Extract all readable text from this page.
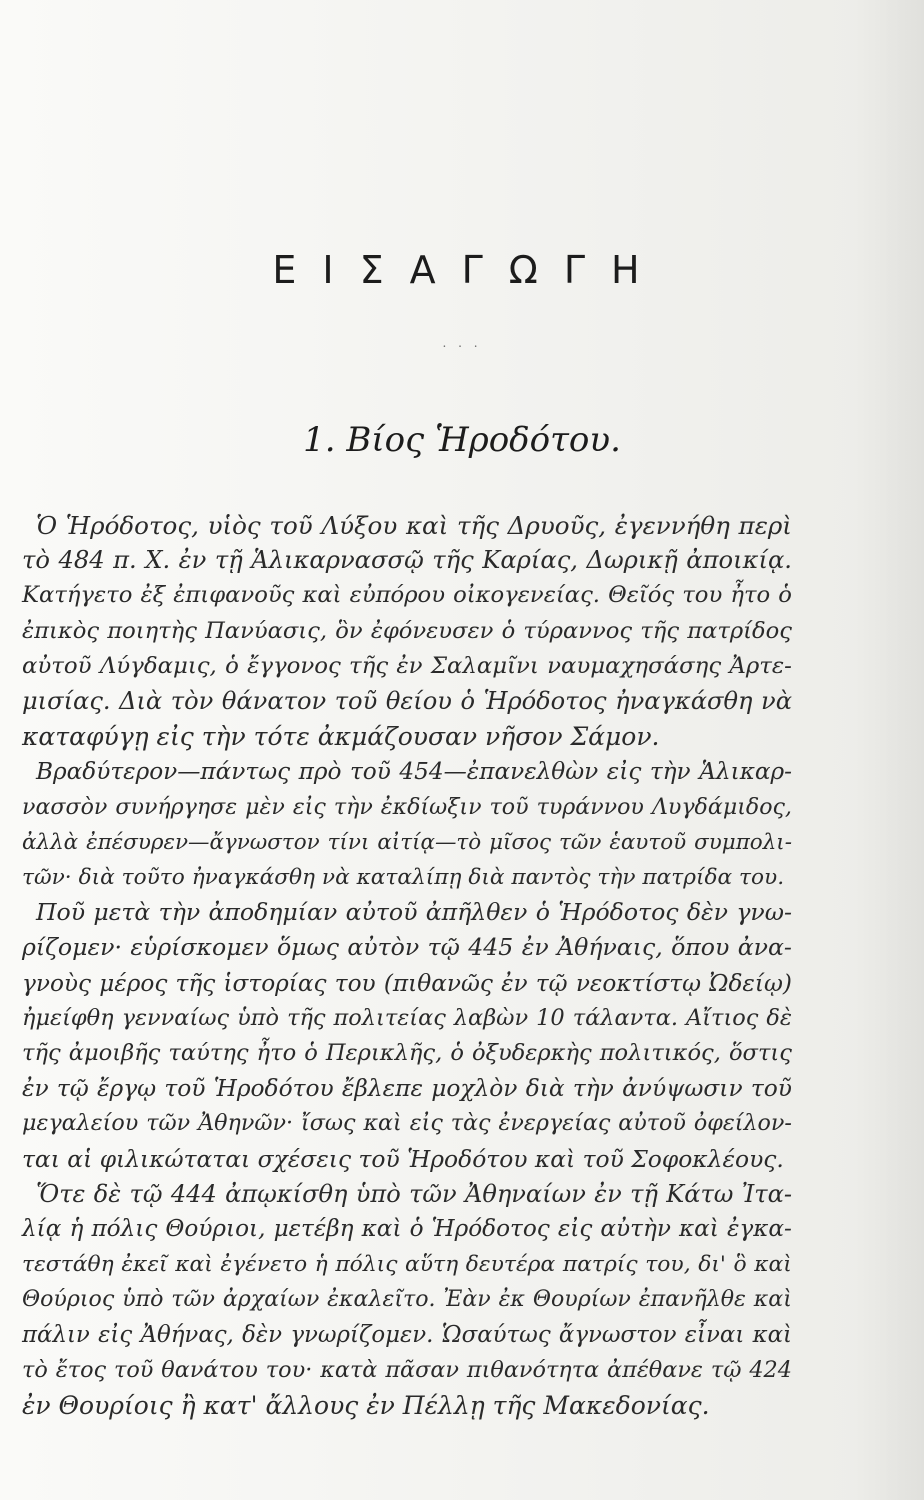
ΕΙΣΑΓΩΓΗ
. . .
1. Βίος Ἡροδότου.
Ὁ Ἡρόδοτος, υἱὸς τοῦ Λύξου καὶ τῆς Δρυοῦς, ἐγεννήθη περὶ
τὸ 484 π. Χ. ἐν τῇ Ἁλικαρνασσῷ τῆς Καρίας, Δωρικῇ ἀποικίᾳ.
Κατήγετο ἐξ ἐπιφανοῦς καὶ εὐπόρου οἰκογενείας. Θεῖός του ἦτο ὁ
ἐπικὸς ποιητὴς Πανύασις, ὃν ἐφόνευσεν ὁ τύραννος τῆς πατρίδος
αὐτοῦ Λύγδαμις, ὁ ἔγγονος τῆς ἐν Σαλαμῖνι ναυμαχησάσης Ἀρτε-
μισίας. Διὰ τὸν θάνατον τοῦ θείου ὁ Ἡρόδοτος ἠναγκάσθη νὰ
καταφύγῃ εἰς τὴν τότε ἀκμάζουσαν νῆσον Σάμον.
Βραδύτερον—πάντως πρὸ τοῦ 454—ἐπανελθὼν εἰς τὴν Ἁλικαρ-
νασσὸν συνήργησε μὲν εἰς τὴν ἐκδίωξιν τοῦ τυράννου Λυγδάμιδος,
ἀλλὰ ἐπέσυρεν—ἄγνωστον τίνι αἰτίᾳ—τὸ μῖσος τῶν ἑαυτοῦ συμπολι-
τῶν· διὰ τοῦτο ἠναγκάσθη νὰ καταλίπῃ διὰ παντὸς τὴν πατρίδα του.
Ποῦ μετὰ τὴν ἀποδημίαν αὐτοῦ ἀπῆλθεν ὁ Ἡρόδοτος δὲν γνω-
ρίζομεν· εὑρίσκομεν ὅμως αὐτὸν τῷ 445 ἐν Ἀθήναις, ὅπου ἀνα-
γνοὺς μέρος τῆς ἱστορίας του (πιθανῶς ἐν τῷ νεοκτίστῳ Ὠδείῳ)
ἠμείφθη γενναίως ὑπὸ τῆς πολιτείας λαβὼν 10 τάλαντα. Αἴτιος δὲ
τῆς ἀμοιβῆς ταύτης ἦτο ὁ Περικλῆς, ὁ ὀξυδερκὴς πολιτικός, ὅστις
ἐν τῷ ἔργῳ τοῦ Ἡροδότου ἔβλεπε μοχλὸν διὰ τὴν ἀνύψωσιν τοῦ
μεγαλείου τῶν Ἀθηνῶν· ἴσως καὶ εἰς τὰς ἐνεργείας αὐτοῦ ὀφείλον-
ται αἱ φιλικώταται σχέσεις τοῦ Ἡροδότου καὶ τοῦ Σοφοκλέους.
Ὅτε δὲ τῷ 444 ἀπῳκίσθη ὑπὸ τῶν Ἀθηναίων ἐν τῇ Κάτω Ἰτα-
λίᾳ ἡ πόλις Θούριοι, μετέβη καὶ ὁ Ἡρόδοτος εἰς αὐτὴν καὶ ἐγκα-
τεστάθη ἐκεῖ καὶ ἐγένετο ἡ πόλις αὕτη δευτέρα πατρίς του, δι' ὃ καὶ
Θούριος ὑπὸ τῶν ἀρχαίων ἐκαλεῖτο. Ἐὰν ἐκ Θουρίων ἐπανῆλθε καὶ
πάλιν εἰς Ἀθήνας, δὲν γνωρίζομεν. Ὡσαύτως ἄγνωστον εἶναι καὶ
τὸ ἔτος τοῦ θανάτου του· κατὰ πᾶσαν πιθανότητα ἀπέθανε τῷ 424
ἐν Θουρίοις ἢ κατ' ἄλλους ἐν Πέλλῃ τῆς Μακεδονίας.
